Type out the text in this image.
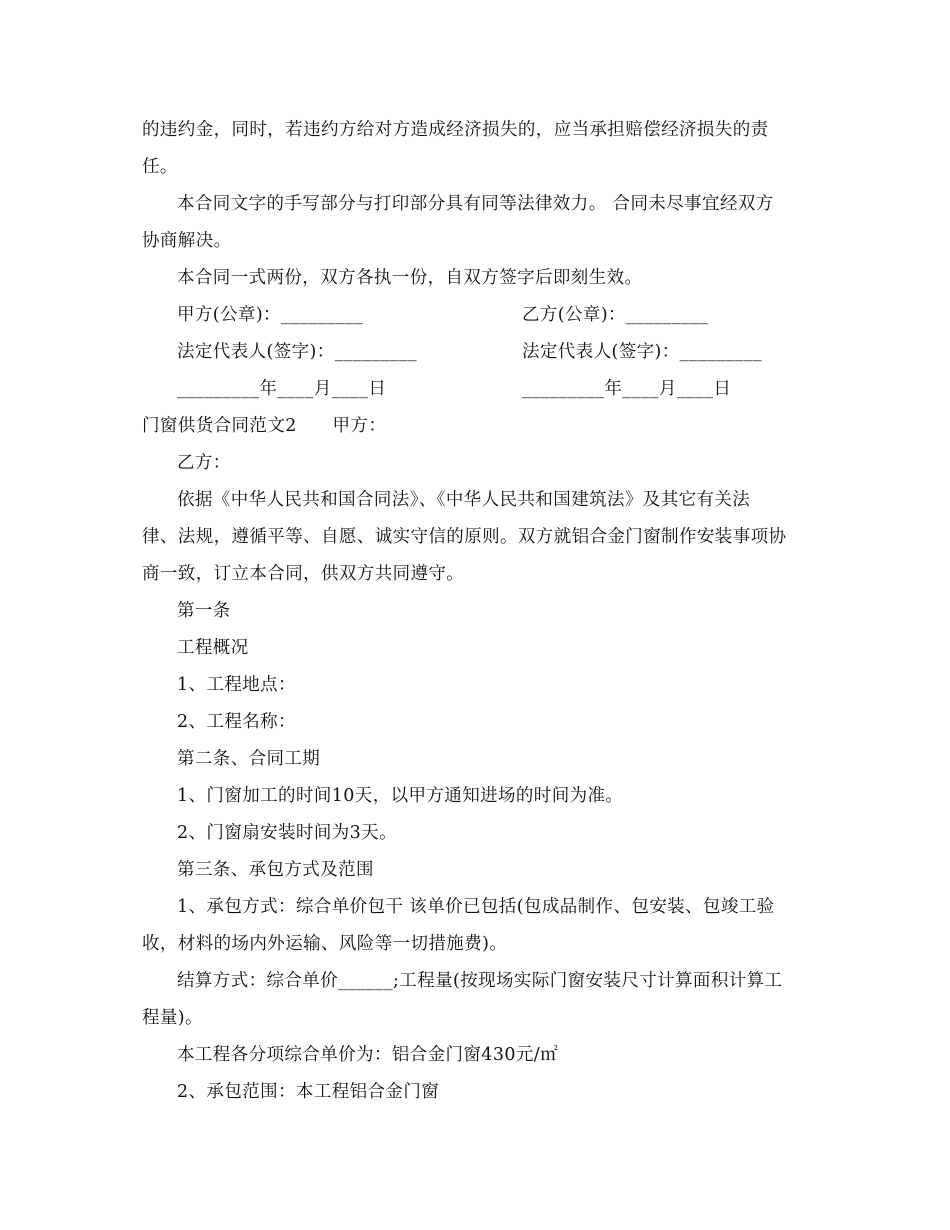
的违约金，同时，若违约方给对方造成经济损失的，应当承担赔偿经济损失的责
任。
本合同文字的手写部分与打印部分具有同等法律效力。 合同未尽事宜经双方
协商解决。
本合同一式两份，双方各执一份，自双方签字后即刻生效。
甲方(公章)：_________	乙方(公章)：_________
法定代表人(签字)：_________	法定代表人(签字)：_________
_________年____月____日	_________年____月____日
门窗供货合同范文2　　甲方：
乙方：
依据《中华人民共和国合同法》、《中华人民共和国建筑法》及其它有关法
律、法规，遵循平等、自愿、诚实守信的原则。双方就铝合金门窗制作安装事项协
商一致，订立本合同，供双方共同遵守。
第一条
工程概况
1、工程地点：
2、工程名称：
第二条、合同工期
1、门窗加工的时间10天，以甲方通知进场的时间为准。
2、门窗扇安装时间为3天。
第三条、承包方式及范围
1、承包方式：综合单价包干 该单价已包括(包成品制作、包安装、包竣工验
收，材料的场内外运输、风险等一切措施费)。
结算方式：综合单价______;工程量(按现场实际门窗安装尺寸计算面积计算工
程量)。
本工程各分项综合单价为：铝合金门窗430元/㎡
2、承包范围：本工程铝合金门窗
